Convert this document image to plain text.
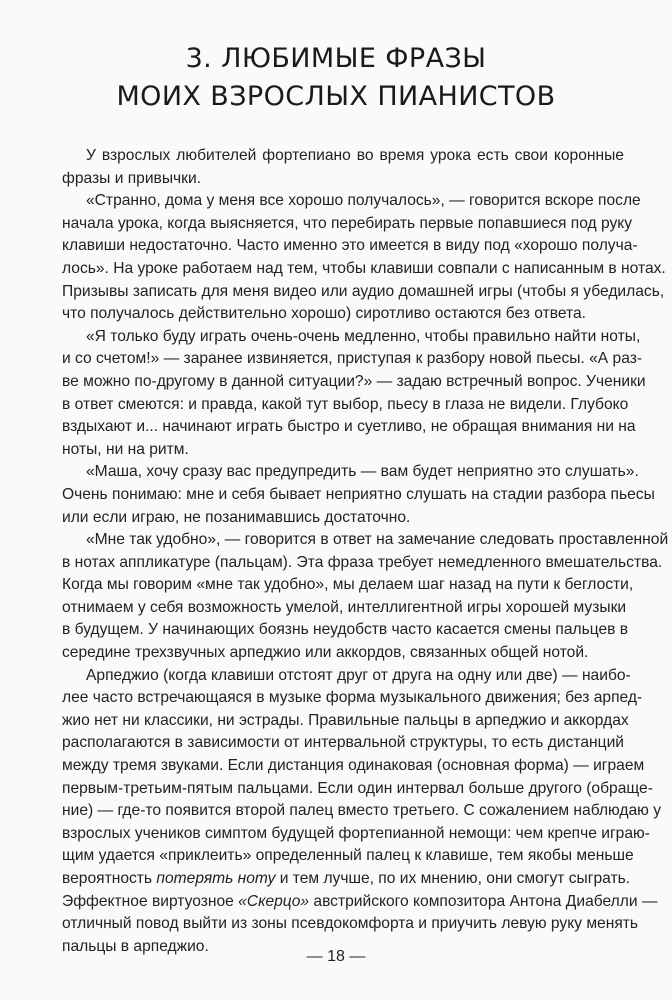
3. ЛЮБИМЫЕ ФРАЗЫ
МОИХ ВЗРОСЛЫХ ПИАНИСТОВ

У взрослых любителей фортепиано во время урока есть свои коронные
фразы и привычки.

«Странно, дома у меня все хорошо получалось», — говорится вскоре после
начала урока, когда выясняется, что перебирать первые попавшиеся под руку
клавиши недостаточно. Часто именно это имеется в виду под «хорошо получа-
лось». На уроке работаем над тем, чтобы клавиши совпали с написанным в нотах.
Призывы записать для меня видео или аудио домашней игры (чтобы я убедилась,
что получалось действительно хорошо) сиротливо остаются без ответа.

«Я только буду играть очень-очень медленно, чтобы правильно найти ноты,
и со счетом!» — заранее извиняется, приступая к разбору новой пьесы. «А раз-
ве можно по-другому в данной ситуации?» — задаю встречный вопрос. Ученики
в ответ смеются: и правда, какой тут выбор, пьесу в глаза не видели. Глубоко
вздыхают и... начинают играть быстро и суетливо, не обращая внимания ни на
ноты, ни на ритм.

«Маша, хочу сразу вас предупредить — вам будет неприятно это слушать».
Очень понимаю: мне и себя бывает неприятно слушать на стадии разбора пьесы
или если играю, не позанимавшись достаточно.

«Мне так удобно», — говорится в ответ на замечание следовать проставленной
в нотах аппликатуре (пальцам). Эта фраза требует немедленного вмешательства.
Когда мы говорим «мне так удобно», мы делаем шаг назад на пути к беглости,
отнимаем у себя возможность умелой, интеллигентной игры хорошей музыки
в будущем. У начинающих боязнь неудобств часто касается смены пальцев в
середине трехзвучных арпеджио или аккордов, связанных общей нотой.

Арпеджио (когда клавиши отстоят друг от друга на одну или две) — наибо-
лее часто встречающаяся в музыке форма музыкального движения; без арпед-
жио нет ни классики, ни эстрады. Правильные пальцы в арпеджио и аккордах
располагаются в зависимости от интервальной структуры, то есть дистанций
между тремя звуками. Если дистанция одинаковая (основная форма) — играем
первым-третьим-пятым пальцами. Если один интервал больше другого (обраще-
ние) — где-то появится второй палец вместо третьего. С сожалением наблюдаю у
взрослых учеников симптом будущей фортепианной немощи: чем крепче играю-
щим удается «приклеить» определенный палец к клавише, тем якобы меньше
вероятность потерять ноту и тем лучше, по их мнению, они смогут сыграть.
Эффектное виртуозное «Скерцо» австрийского композитора Антона Диабелли —
отличный повод выйти из зоны псевдокомфорта и приучить левую руку менять
пальцы в арпеджио.

— 18 —
